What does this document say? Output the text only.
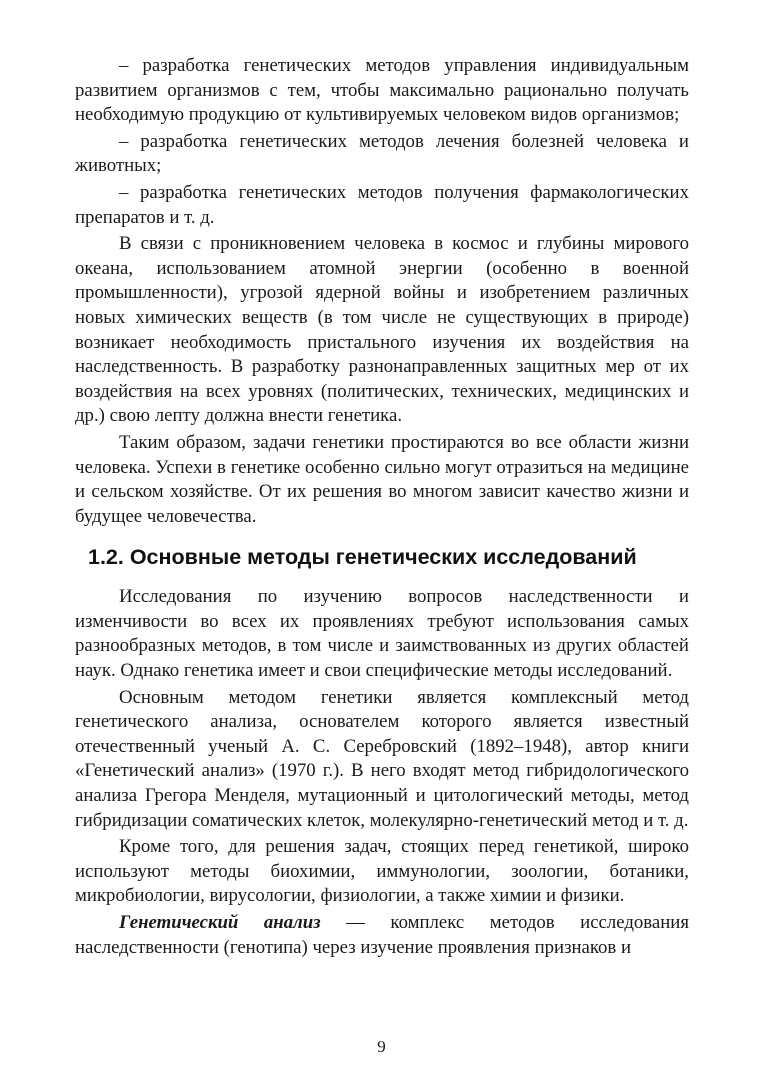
– разработка генетических методов управления индивидуальным развитием организмов с тем, чтобы максимально рационально получать необходимую продукцию от культивируемых человеком видов организмов;

– разработка генетических методов лечения болезней человека и животных;

– разработка генетических методов получения фармакологических препаратов и т. д.

В связи с проникновением человека в космос и глубины мирового океана, использованием атомной энергии (особенно в военной промышленности), угрозой ядерной войны и изобретением различных новых химических веществ (в том числе не существующих в природе) возникает необходимость пристального изучения их воздействия на наследственность. В разработку разнонаправленных защитных мер от их воздействия на всех уровнях (политических, технических, медицинских и др.) свою лепту должна внести генетика.

Таким образом, задачи генетики простираются во все области жизни человека. Успехи в генетике особенно сильно могут отразиться на медицине и сельском хозяйстве. От их решения во многом зависит качество жизни и будущее человечества.

1.2. Основные методы генетических исследований

Исследования по изучению вопросов наследственности и изменчивости во всех их проявлениях требуют использования самых разнообразных методов, в том числе и заимствованных из других областей наук. Однако генетика имеет и свои специфические методы исследований.

Основным методом генетики является комплексный метод генетического анализа, основателем которого является известный отечественный ученый А. С. Серебровский (1892–1948), автор книги «Генетический анализ» (1970 г.). В него входят метод гибридологического анализа Грегора Менделя, мутационный и цитологический методы, метод гибридизации соматических клеток, молекулярно-генетический метод и т. д.

Кроме того, для решения задач, стоящих перед генетикой, широко используют методы биохимии, иммунологии, зоологии, ботаники, микробиологии, вирусологии, физиологии, а также химии и физики.

Генетический анализ — комплекс методов исследования наследственности (генотипа) через изучение проявления признаков и

9
